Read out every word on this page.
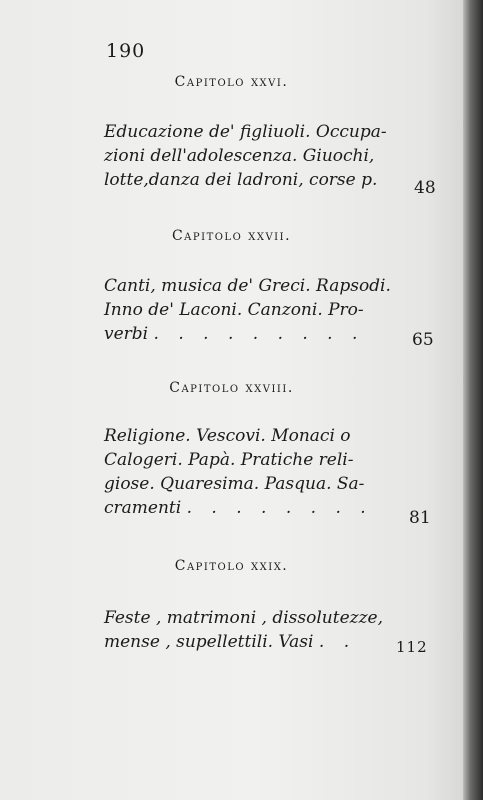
190
Capitolo xxvi.
Educazione de' figliuoli. Occupa-
zioni dell'adolescenza. Giuochi,
lotte,danza dei ladroni, corse p.	48
Capitolo xxvii.
Canti, musica de' Greci. Rapsodi.
Inno de' Laconi. Canzoni. Pro-
verbi . . . . . . . . .	65
Capitolo xxviii.
Religione. Vescovi. Monaci o
Calogeri. Papà. Pratiche reli-
giose. Quaresima. Pasqua. Sa-
cramenti . . . . . . . .	81
Capitolo xxix.
Feste , matrimoni , dissolutezze,
mense , supellettili. Vasi . .	112
